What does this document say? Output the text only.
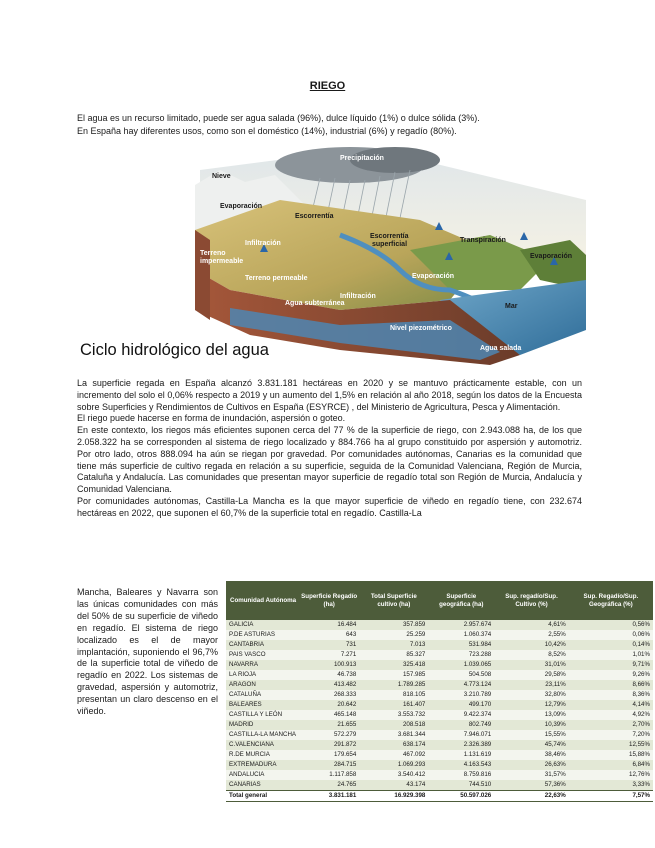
RIEGO

El agua es un recurso limitado, puede ser agua salada (96%), dulce líquido (1%) o dulce sólida (3%).

En España hay diferentes usos, como son el doméstico (14%), industrial (6%) y regadío (80%).

Nieve
Precipitación
Evaporación
Escorrentía
Escorrentía
superficial
Transpiración
Evaporación
Evaporación
Terreno
impermeable
Infiltración
Terreno permeable
Infiltración
Agua subterránea
Nivel piezométrico
Mar
Agua salada
Ciclo hidrológico del agua

La superficie regada en España alcanzó 3.831.181 hectáreas en 2020 y se mantuvo prácticamente estable, con un incremento del solo el 0,06% respecto a 2019 y un aumento del 1,5% en relación al año 2018, según los datos de la Encuesta sobre Superficies y Rendimientos de Cultivos en España (ESYRCE) , del Ministerio de Agricultura, Pesca y Alimentación.

El riego puede hacerse en forma de inundación, aspersión o goteo.

En este contexto, los riegos más eficientes suponen cerca del 77 % de la superficie de riego, con 2.943.088 ha, de los que 2.058.322 ha se corresponden al sistema de riego localizado y 884.766 ha al grupo constituido por aspersión y automotriz. Por otro lado, otros 888.094 ha aún se riegan por gravedad. Por comunidades autónomas, Canarias es la comunidad que tiene más superficie de cultivo regada en relación a su superficie, seguida de la Comunidad Valenciana, Región de Murcia, Cataluña y Andalucía. Las comunidades que presentan mayor superficie de regadío total son Región de Murcia, Andalucía y Comunidad Valenciana.

Por comunidades autónomas, Castilla-La Mancha es la que mayor superficie de viñedo en regadío tiene, con 232.674 hectáreas en 2022, que suponen el 60,7% de la superficie total en regadío. Castilla-La

Mancha, Baleares y Navarra son las únicas comunidades con más del 50% de su superficie de viñedo en regadío. El sistema de riego localizado es el de mayor implantación, suponiendo el 96,7% de la superficie total de viñedo de regadío en 2022. Los sistemas de gravedad, aspersión y automotriz, presentan un claro descenso en el viñedo.
Comunidad Autónoma	Superficie Regadío (ha)	Total Superficie cultivo (ha)	Superficie geográfica (ha)	Sup. regadío/Sup. Cultivo (%)	Sup. Regadío/Sup. Geográfica (%)
GALICIA	16.484	357.859	2.957.674	4,61%	0,56%
P.DE ASTURIAS	643	25.259	1.060.374	2,55%	0,06%
CANTABRIA	731	7.013	531.984	10,42%	0,14%
PAIS VASCO	7.271	85.327	723.288	8,52%	1,01%
NAVARRA	100.913	325.418	1.039.065	31,01%	9,71%
LA RIOJA	46.738	157.985	504.508	29,58%	9,26%
ARAGON	413.482	1.789.285	4.773.124	23,11%	8,66%
CATALUÑA	268.333	818.105	3.210.789	32,80%	8,36%
BALEARES	20.642	161.407	499.170	12,79%	4,14%
CASTILLA Y LEÓN	465.148	3.553.732	9.422.374	13,09%	4,92%
MADRID	21.655	208.518	802.749	10,39%	2,70%
CASTILLA-LA MANCHA	572.279	3.681.344	7.946.071	15,55%	7,20%
C.VALENCIANA	291.872	638.174	2.326.389	45,74%	12,55%
R.DE MURCIA	179.654	467.092	1.131.619	38,46%	15,88%
EXTREMADURA	284.715	1.069.293	4.163.543	26,63%	6,84%
ANDALUCIA	1.117.858	3.540.412	8.759.816	31,57%	12,76%
CANARIAS	24.765	43.174	744.510	57,36%	3,33%
Total general	3.831.181	16.929.398	50.597.026	22,63%	7,57%
